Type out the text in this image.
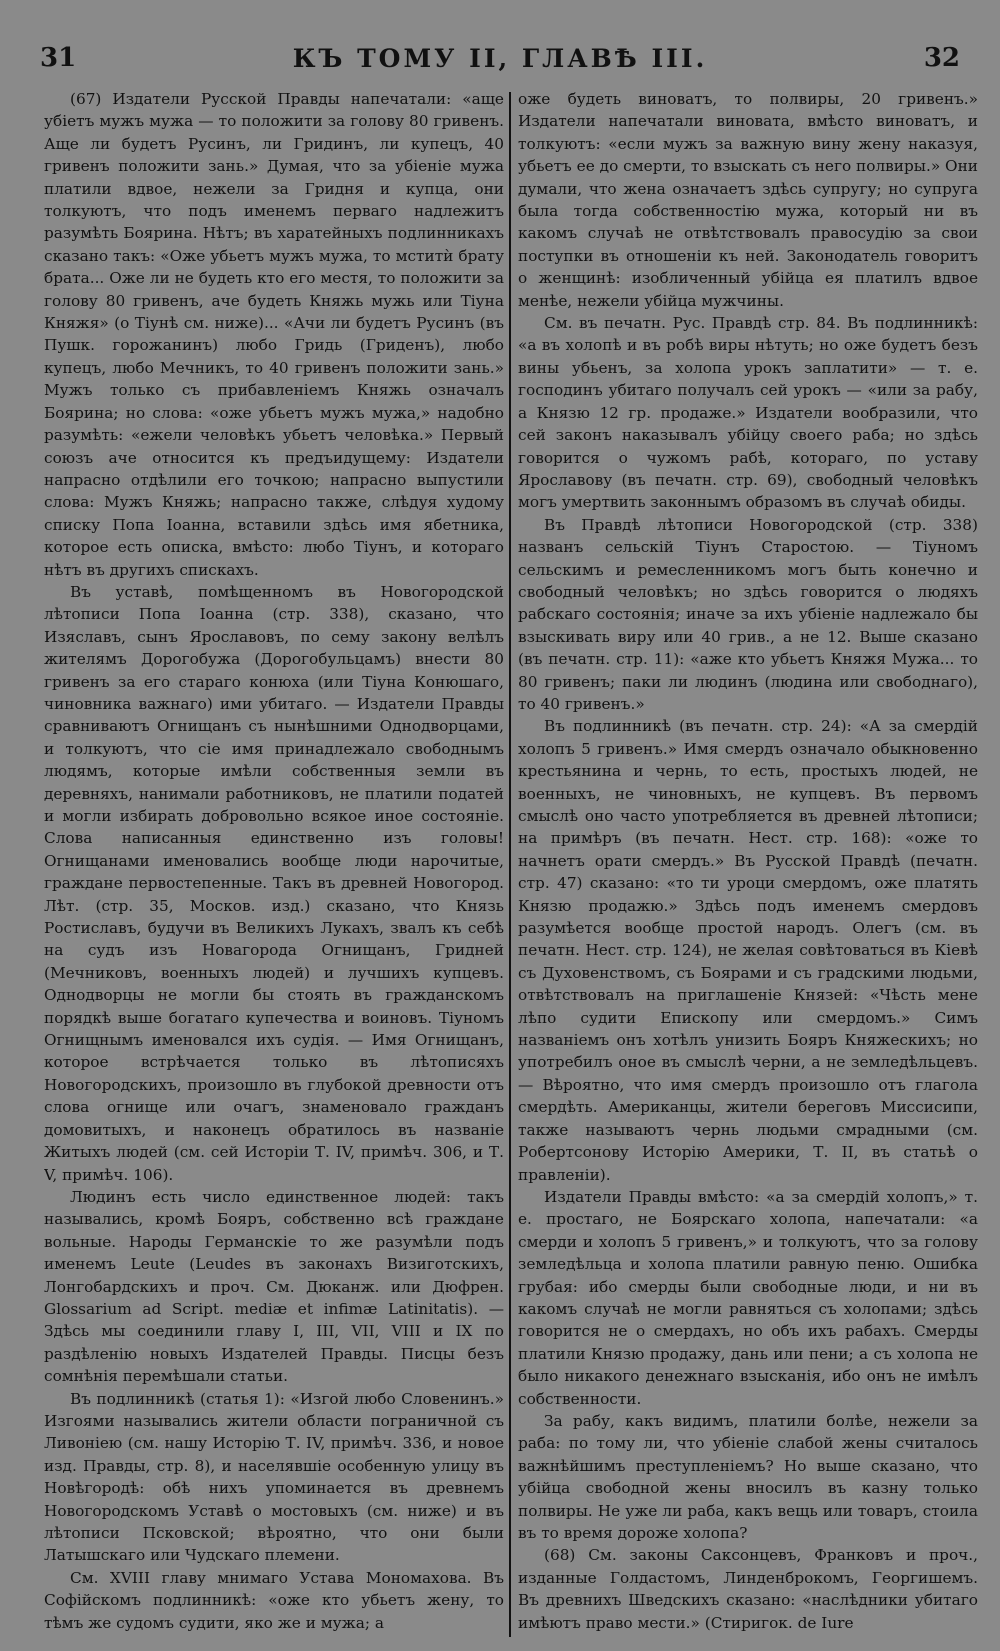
31	КЪ ТОМУ II, ГЛАВѢ III.	32

(67) Издатели Русской Правды напечатали: «аще убіетъ мужъ мужа — то положити за голову 80 гривенъ. Аще ли будетъ Русинъ, ли Гридинъ, ли купецъ, 40 гривенъ положити зань.» Думая, что за убіеніе мужа платили вдвое, нежели за Гридня и купца, они толкуютъ, что подъ именемъ перваго надлежитъ разумѣть Боярина. Нѣтъ; въ харатейныхъ подлинникахъ сказано такъ: «Оже убьетъ мужъ мужа, то мститѝ брату брата... Оже ли не будеть кто его местя, то положити за голову 80 гривенъ, аче будеть Княжь мужь или Тіуна Княжя» (о Тіунѣ см. ниже)... «Ачи ли будетъ Русинъ (въ Пушк. горожанинъ) любо Гридь (Гриденъ), любо купецъ, любо Мечникъ, то 40 гривенъ положити зань.» Мужъ только съ прибавленіемъ Княжь означалъ Боярина; но слова: «оже убьетъ мужъ мужа,» надобно разумѣть: «ежели человѣкъ убьетъ человѣка.» Первый союзъ аче относится къ предъидущему: Издатели напрасно отдѣлили его точкою; напрасно выпустили слова: Мужъ Княжь; напрасно также, слѣдуя худому списку Попа Іоанна, вставили здѣсь имя ябетника, которое есть описка, вмѣсто: любо Тіунъ, и котораго нѣтъ въ другихъ спискахъ.

Въ уставѣ, помѣщенномъ въ Новогородской лѣтописи Попа Іоанна (стр. 338), сказано, что Изяславъ, сынъ Ярославовъ, по сему закону велѣлъ жителямъ Дорогобужа (Дорогобульцамъ) внести 80 гривенъ за его стараго конюха (или Тіуна Конюшаго, чиновника важнаго) ими убитаго. — Издатели Правды сравниваютъ Огнищанъ съ нынѣшними Однодворцами, и толкуютъ, что сіе имя принадлежало свободнымъ людямъ, которые имѣли собственныя земли въ деревняхъ, нанимали работниковъ, не платили податей и могли избирать добровольно всякое иное состояніе. Слова написанныя единственно изъ головы! Огнищанами именовались вообще люди нарочитые, граждане первостепенные. Такъ въ древней Новогород. Лѣт. (стр. 35, Москов. изд.) сказано, что Князь Ростиславъ, будучи въ Великихъ Лукахъ, звалъ къ себѣ на судъ изъ Новагорода Огнищанъ, Гридней (Мечниковъ, военныхъ людей) и лучшихъ купцевъ. Однодворцы не могли бы стоять въ гражданскомъ порядкѣ выше богатаго купечества и воиновъ. Тіуномъ Огнищнымъ именовался ихъ судія. — Имя Огнищанъ, которое встрѣчается только въ лѣтописяхъ Новогородскихъ, произошло въ глубокой древности отъ слова огнище или очагъ, знаменовало гражданъ домовитыхъ, и наконецъ обратилось въ названіе Житыхъ людей (см. сей Исторіи Т. IV, примѣч. 306, и Т. V, примѣч. 106).

Людинъ есть число единственное людей: такъ назывались, кромѣ Бояръ, собственно всѣ граждане вольные. Народы Германскіе то же разумѣли подъ именемъ Leute (Leudes въ законахъ Визиготскихъ, Лонгобардскихъ и проч. См. Дюканж. или Дюфрен. Glossarium ad Script. mediæ et infimæ Latinitatis). — Здѣсь мы соединили главу I, III, VII, VIII и IX по раздѣленію новыхъ Издателей Правды. Писцы безъ сомнѣнія перемѣшали статьи.

Въ подлинникѣ (статья 1): «Изгой любо Словенинъ.» Изгоями назывались жители области пограничной съ Ливоніею (см. нашу Исторію Т. IV, примѣч. 336, и новое изд. Правды, стр. 8), и населявшіе особенную улицу въ Новѣгородѣ: обѣ нихъ упоминается въ древнемъ Новогородскомъ Уставѣ о мостовыхъ (см. ниже) и въ лѣтописи Псковской; вѣроятно, что они были Латышскаго или Чудскаго племени.

См. XVIII главу мнимаго Устава Мономахова. Въ Софійскомъ подлинникѣ: «оже кто убьетъ жену, то тѣмъ же судомъ судити, яко же и мужа; а

оже будеть виноватъ, то полвиры, 20 гривенъ.» Издатели напечатали виновата, вмѣсто виноватъ, и толкуютъ: «если мужъ за важную вину жену наказуя, убьетъ ее до смерти, то взыскать съ него полвиры.» Они думали, что жена означаетъ здѣсь супругу; но супруга была тогда собственностію мужа, который ни въ какомъ случаѣ не отвѣтствовалъ правосудію за свои поступки въ отношеніи къ ней. Законодатель говоритъ о женщинѣ: изобличенный убійца ея платилъ вдвое менѣе, нежели убійца мужчины.

См. въ печатн. Рус. Правдѣ стр. 84. Въ подлинникѣ: «а въ холопѣ и въ робѣ виры нѣтуть; но оже будетъ безъ вины убьенъ, за холопа урокъ заплатити» — т. е. господинъ убитаго получалъ сей урокъ — «или за рабу, а Князю 12 гр. продаже.» Издатели вообразили, что сей законъ наказывалъ убійцу своего раба; но здѣсь говорится о чужомъ рабѣ, котораго, по уставу Ярославову (въ печатн. стр. 69), свободный человѣкъ могъ умертвить законнымъ образомъ въ случаѣ обиды.

Въ Правдѣ лѣтописи Новогородской (стр. 338) названъ сельскій Тіунъ Старостою. — Тіуномъ сельскимъ и ремесленникомъ могъ быть конечно и свободный человѣкъ; но здѣсь говорится о людяхъ рабскаго состоянія; иначе за ихъ убіеніе надлежало бы взыскивать виру или 40 грив., а не 12. Выше сказано (въ печатн. стр. 11): «аже кто убьетъ Княжя Мужа... то 80 гривенъ; паки ли людинъ (людина или свободнаго), то 40 гривенъ.»

Въ подлинникѣ (въ печатн. стр. 24): «А за смердій холопъ 5 гривенъ.» Имя смердъ означало обыкновенно крестьянина и чернь, то есть, простыхъ людей, не военныхъ, не чиновныхъ, не купцевъ. Въ первомъ смыслѣ оно часто употребляется въ древней лѣтописи; на примѣръ (въ печатн. Нест. стр. 168): «оже то начнетъ орати смердъ.» Въ Русской Правдѣ (печатн. стр. 47) сказано: «то ти уроци смердомъ, оже платять Князю продажю.» Здѣсь подъ именемъ смердовъ разумѣется вообще простой народъ. Олегъ (см. въ печатн. Нест. стр. 124), не желая совѣтоваться въ Кіевѣ съ Духовенствомъ, съ Боярами и съ градскими людьми, отвѣтствовалъ на приглашеніе Князей: «Чѣсть мене лѣпо судити Епископу или смердомъ.» Симъ названіемъ онъ хотѣлъ унизить Бояръ Княжескихъ; но употребилъ оное въ смыслѣ черни, а не земледѣльцевъ. — Вѣроятно, что имя смердъ произошло отъ глагола смердѣть. Американцы, жители береговъ Миссисипи, также называютъ чернь людьми смрадными (см. Робертсонову Исторію Америки, Т. II, въ статьѣ о правленіи).

Издатели Правды вмѣсто: «а за смердій холопъ,» т. е. простаго, не Боярскаго холопа, напечатали: «а смерди и холопъ 5 гривенъ,» и толкуютъ, что за голову земледѣльца и холопа платили равную пеню. Ошибка грубая: ибо смерды были свободные люди, и ни въ какомъ случаѣ не могли равняться съ холопами; здѣсь говорится не о смердахъ, но объ ихъ рабахъ. Смерды платили Князю продажу, дань или пени; а съ холопа не было никакого денежнаго взысканія, ибо онъ не имѣлъ собственности.

За рабу, какъ видимъ, платили болѣе, нежели за раба: по тому ли, что убіеніе слабой жены считалось важнѣйшимъ преступленіемъ? Но выше сказано, что убійца свободной жены вносилъ въ казну только полвиры. Не уже ли раба, какъ вещь или товаръ, стоила въ то время дороже холопа?

(68) См. законы Саксонцевъ, Франковъ и проч., изданные Голдастомъ, Линденброкомъ, Георгишемъ. Въ древнихъ Шведскихъ сказано: «наслѣдники убитаго имѣютъ право мести.» (Стиригок. de Iure
